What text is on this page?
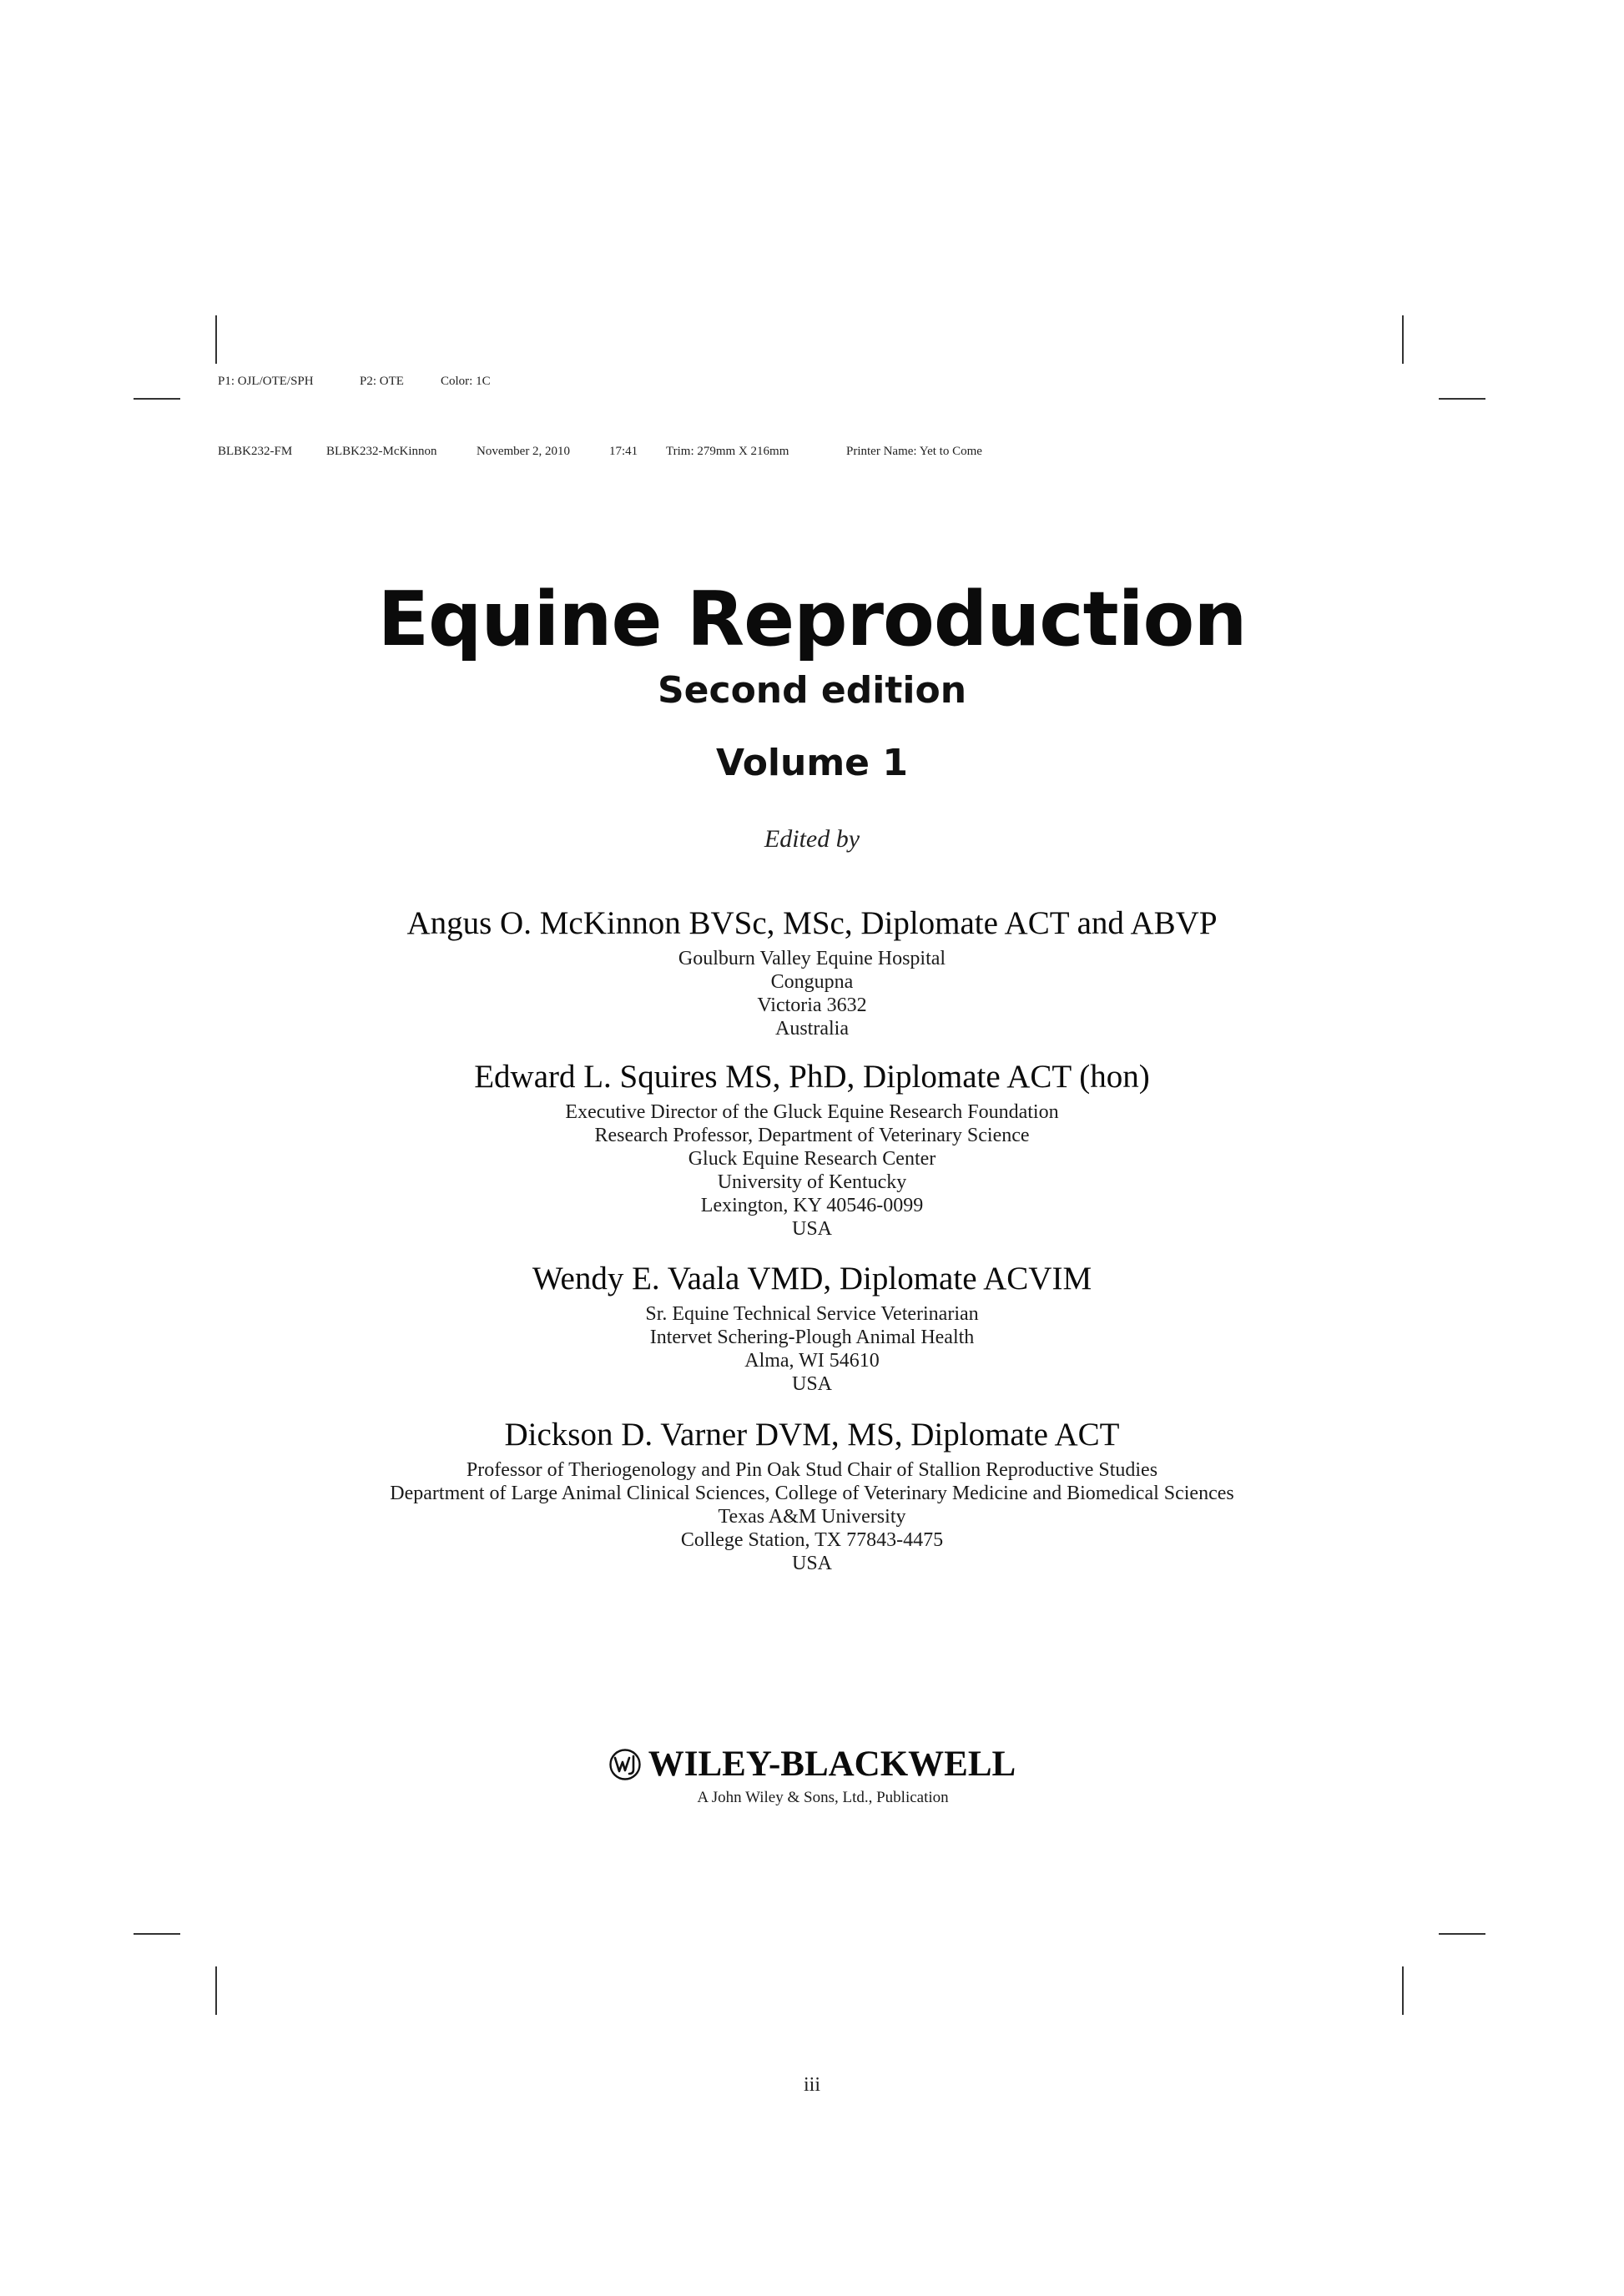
P1: OJL/OTE/SPH	P2: OTE	Color: 1C

BLBK232-FM	BLBK232-McKinnon	November 2, 2010	17:41 Trim: 279mm X 216mm	Printer Name: Yet to Come

Equine Reproduction
Second edition
Volume 1
Edited by

Angus O. McKinnon BVSc, MSc, Diplomate ACT and ABVP

Goulburn Valley Equine Hospital

Congupna

Victoria 3632

Australia

Edward L. Squires MS, PhD, Diplomate ACT (hon)

Executive Director of the Gluck Equine Research Foundation

Research Professor, Department of Veterinary Science

Gluck Equine Research Center

University of Kentucky

Lexington, KY 40546-0099

USA

Wendy E. Vaala VMD, Diplomate ACVIM

Sr. Equine Technical Service Veterinarian

Intervet Schering-Plough Animal Health

Alma, WI 54610

USA

Dickson D. Varner DVM, MS, Diplomate ACT

Professor of Theriogenology and Pin Oak Stud Chair of Stallion Reproductive Studies

Department of Large Animal Clinical Sciences, College of Veterinary Medicine and Biomedical Sciences

Texas A&M University

College Station, TX 77843-4475

USA

WILEY-BLACKWELL
A John Wiley & Sons, Ltd., Publication
iii
